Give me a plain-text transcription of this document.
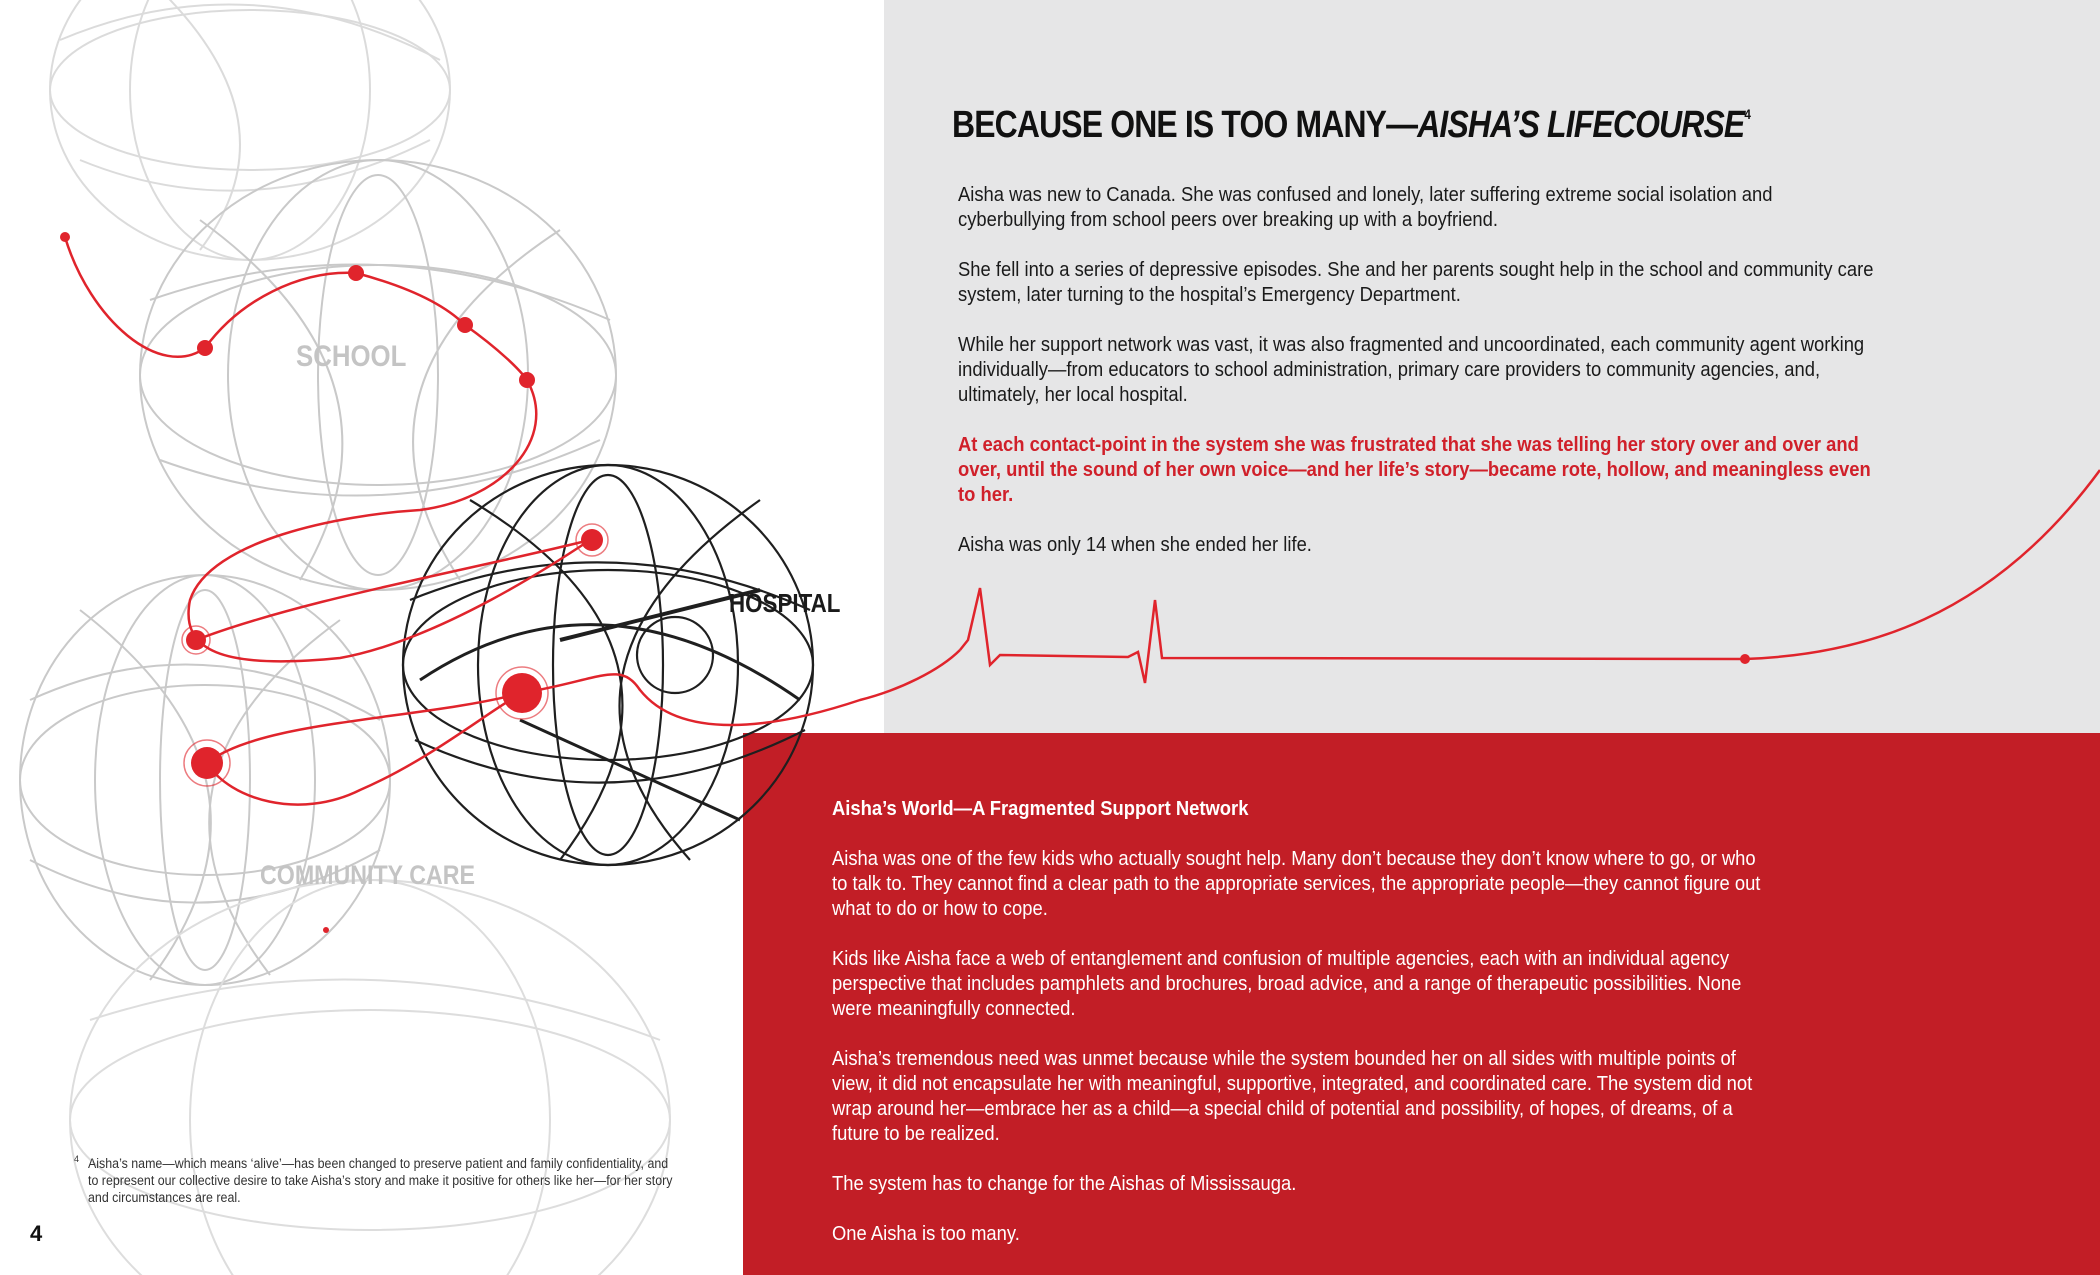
SCHOOL
COMMUNITY CARE
HOSPITAL
BECAUSE ONE IS TOO MANY—AISHA’S LIFECOURSE$^4$

Aisha was new to Canada. She was confused and lonely, later suffering extreme social isolation and cyberbullying from school peers over breaking up with a boyfriend.

She fell into a series of depressive episodes. She and her parents sought help in the school and community care system, later turning to the hospital’s Emergency Department.

While her support network was vast, it was also fragmented and uncoordinated, each community agent working individually—from educators to school administration, primary care providers to community agencies, and, ultimately, her local hospital.

At each contact-point in the system she was frustrated that she was telling her story over and over and over, until the sound of her own voice—and her life’s story—became rote, hollow, and meaningless even to her.

Aisha was only 14 when she ended her life.

Aisha’s World—A Fragmented Support Network

Aisha was one of the few kids who actually sought help. Many don’t because they don’t know where to go, or who to talk to. They cannot find a clear path to the appropriate services, the appropriate people—they cannot figure out what to do or how to cope.

Kids like Aisha face a web of entanglement and confusion of multiple agencies, each with an individual agency perspective that includes pamphlets and brochures, broad advice, and a range of therapeutic possibilities. None were meaningfully connected.

Aisha’s tremendous need was unmet because while the system bounded her on all sides with multiple points of view, it did not encapsulate her with meaningful, supportive, integrated, and coordinated care. The system did not wrap around her—embrace her as a child—a special child of potential and possibility, of hopes, of dreams, of a future to be realized.

The system has to change for the Aishas of Mississauga.

One Aisha is too many.

4 Aisha’s name—which means ‘alive’—has been changed to preserve patient and family confidentiality, and to represent our collective desire to take Aisha’s story and make it positive for others like her—for her story and circumstances are real.
4
